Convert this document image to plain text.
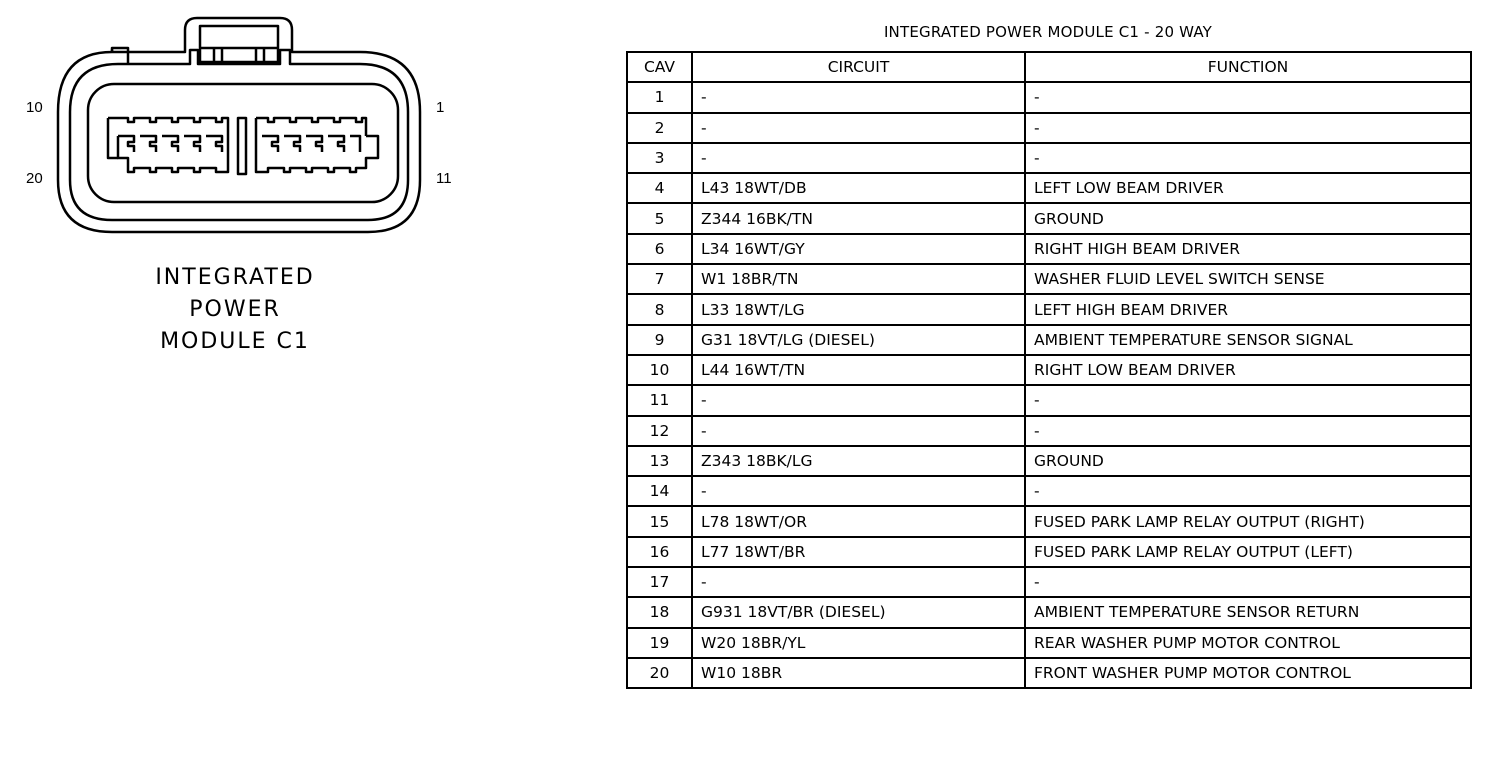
10
20
1
11
INTEGRATED
POWER
MODULE C1
INTEGRATED POWER MODULE C1 - 20 WAY
CAV	CIRCUIT	FUNCTION
1	-	-
2	-	-
3	-	-
4	L43 18WT/DB	LEFT LOW BEAM DRIVER
5	Z344 16BK/TN	GROUND
6	L34 16WT/GY	RIGHT HIGH BEAM DRIVER
7	W1 18BR/TN	WASHER FLUID LEVEL SWITCH SENSE
8	L33 18WT/LG	LEFT HIGH BEAM DRIVER
9	G31 18VT/LG (DIESEL)	AMBIENT TEMPERATURE SENSOR SIGNAL
10	L44 16WT/TN	RIGHT LOW BEAM DRIVER
11	-	-
12	-	-
13	Z343 18BK/LG	GROUND
14	-	-
15	L78 18WT/OR	FUSED PARK LAMP RELAY OUTPUT (RIGHT)
16	L77 18WT/BR	FUSED PARK LAMP RELAY OUTPUT (LEFT)
17	-	-
18	G931 18VT/BR (DIESEL)	AMBIENT TEMPERATURE SENSOR RETURN
19	W20 18BR/YL	REAR WASHER PUMP MOTOR CONTROL
20	W10 18BR	FRONT WASHER PUMP MOTOR CONTROL
